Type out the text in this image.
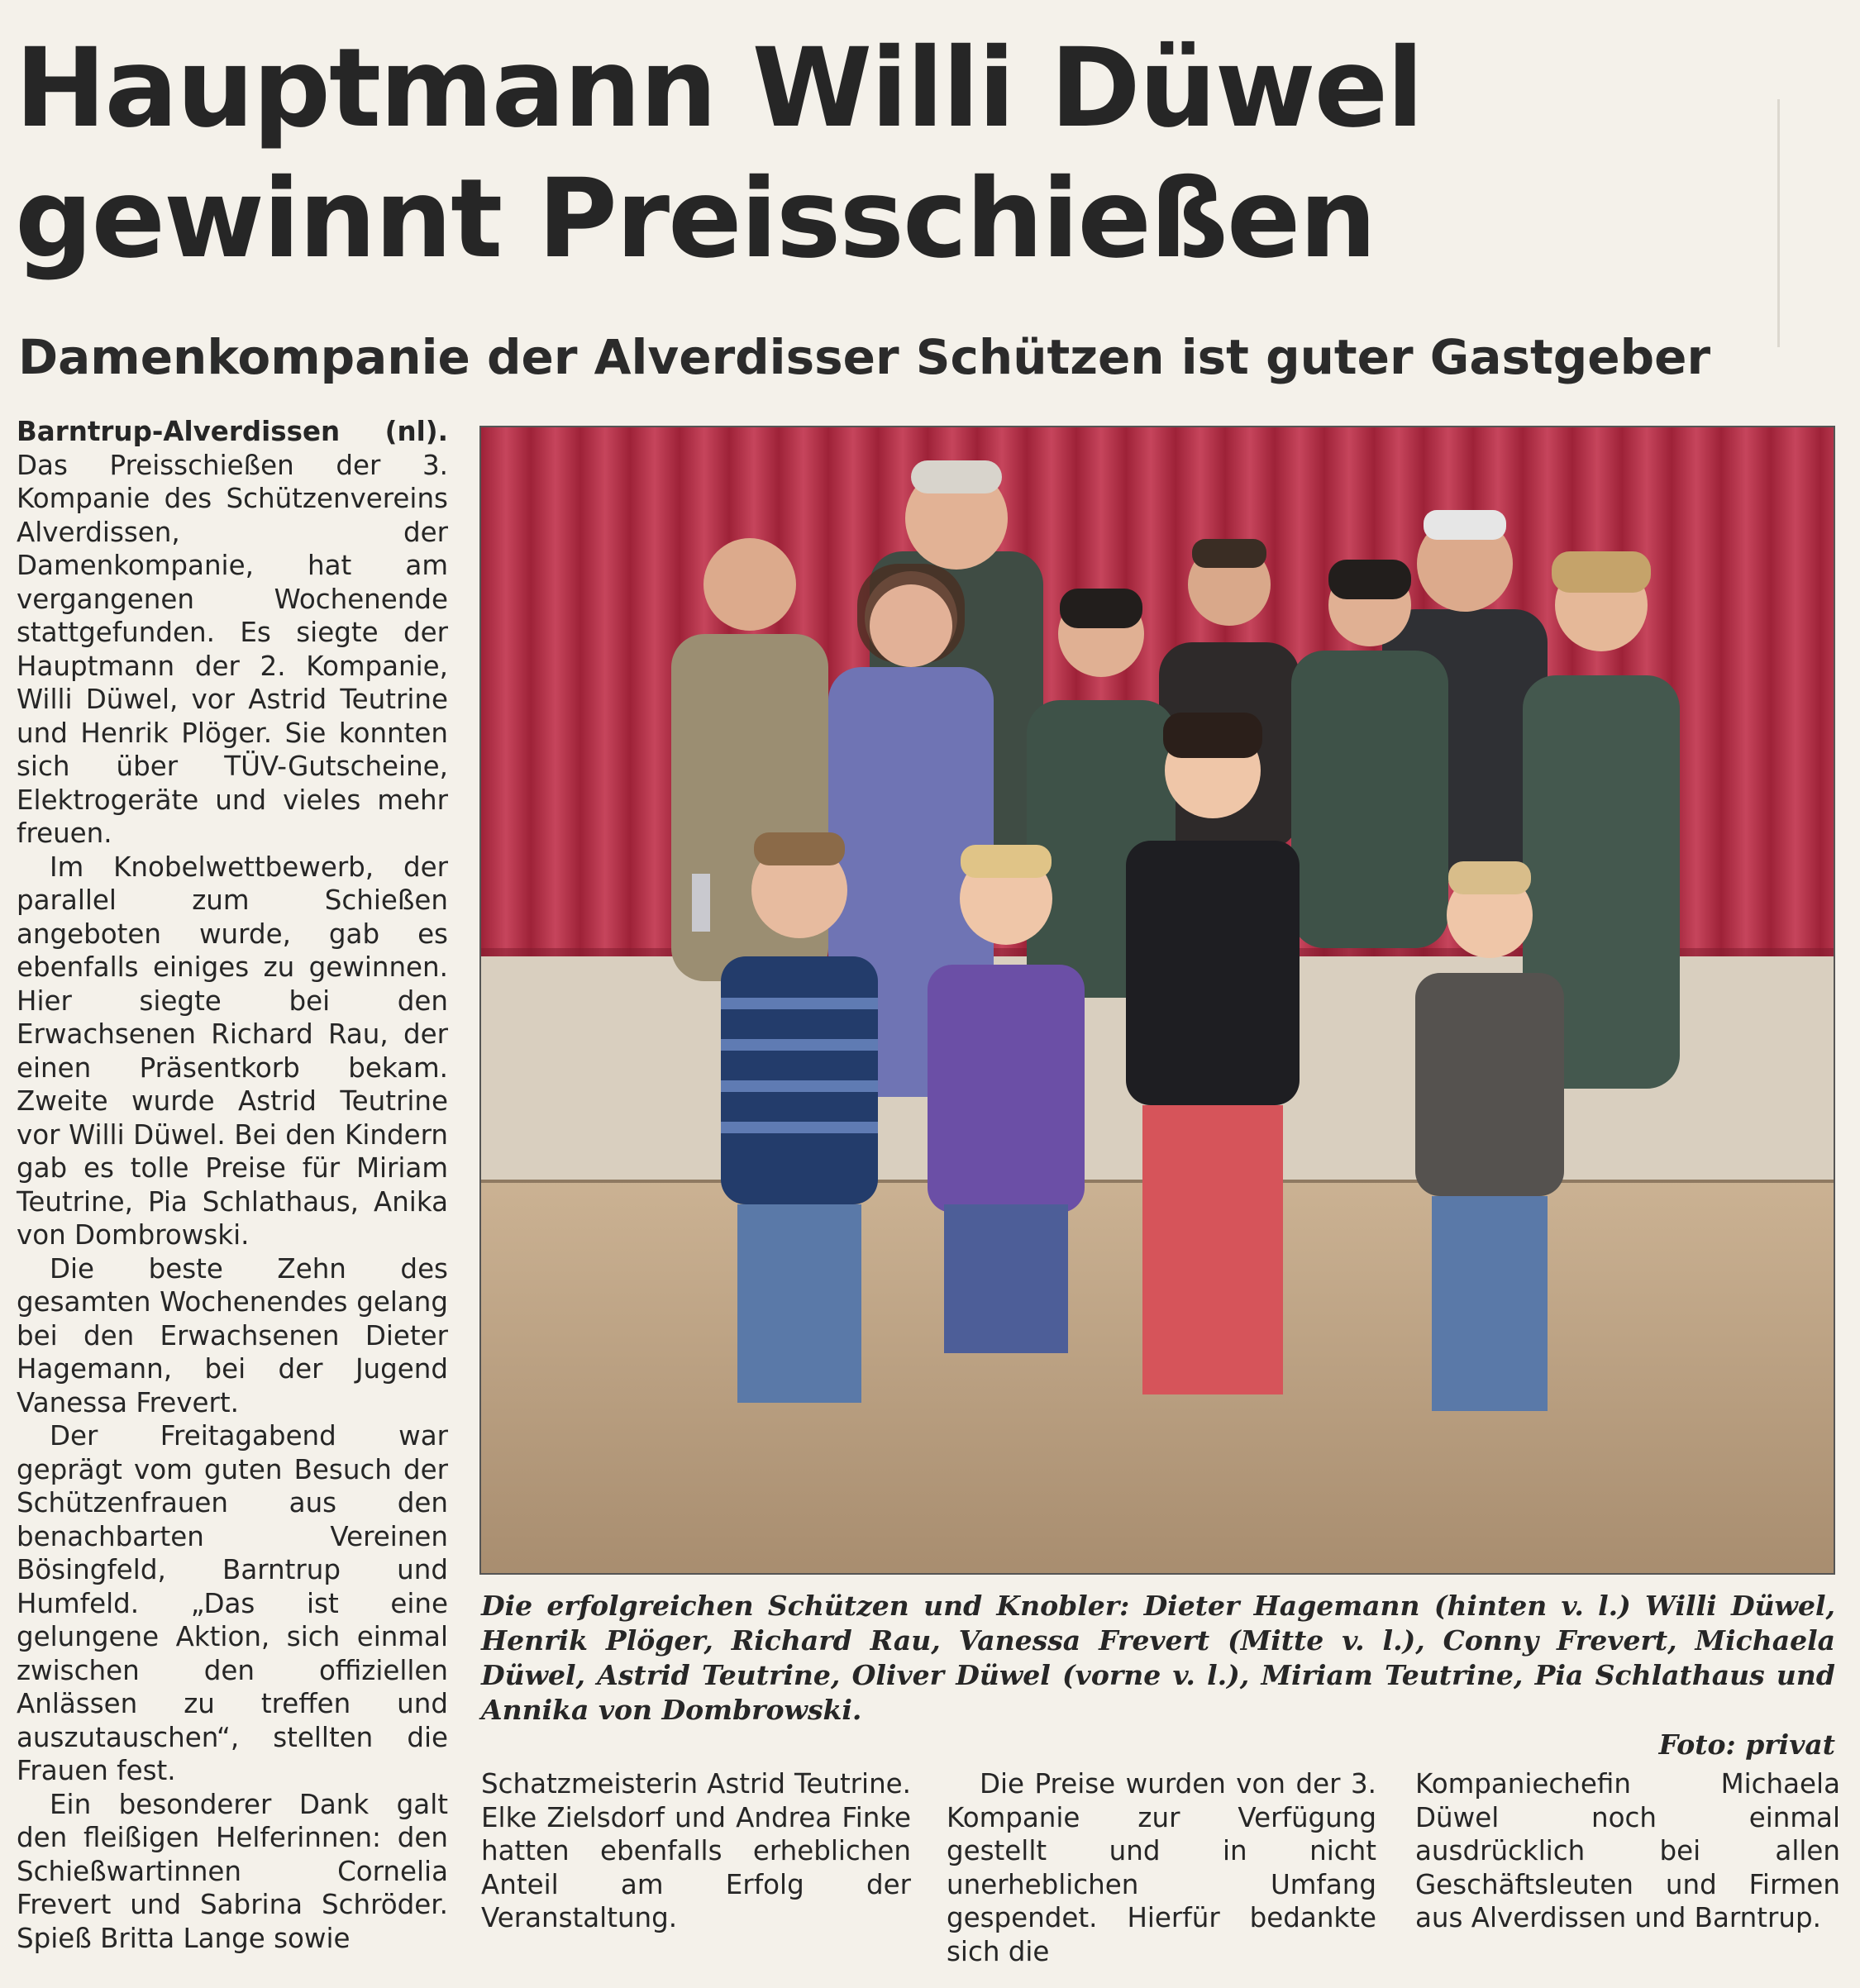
Hauptmann Willi Düwel
gewinnt Preisschießen
Damenkompanie der Alverdisser Schützen ist guter Gastgeber

Barntrup-Alverdissen (nl). Das Preisschießen der 3. Kompanie des Schützenvereins Alverdissen, der Damenkompanie, hat am vergangenen Wochenende stattgefunden. Es siegte der Hauptmann der 2. Kompanie, Willi Düwel, vor Astrid Teutrine und Henrik Plöger. Sie konnten sich über TÜV-Gutscheine, Elektrogeräte und vieles mehr freuen.

Im Knobelwettbewerb, der parallel zum Schießen angeboten wurde, gab es ebenfalls einiges zu gewinnen. Hier siegte bei den Erwachsenen Richard Rau, der einen Präsentkorb bekam. Zweite wurde Astrid Teutrine vor Willi Düwel. Bei den Kindern gab es tolle Preise für Miriam Teutrine, Pia Schlathaus, Anika von Dombrowski.

Die beste Zehn des gesamten Wochenendes gelang bei den Erwachsenen Dieter Hagemann, bei der Jugend Vanessa Frevert.

Der Freitagabend war geprägt vom guten Besuch der Schützenfrauen aus den benachbarten Vereinen Bösingfeld, Barntrup und Humfeld. „Das ist eine gelungene Aktion, sich einmal zwischen den offiziellen Anlässen zu treffen und auszutauschen“, stellten die Frauen fest.

Ein besonderer Dank galt den fleißigen Helferinnen: den Schießwartinnen Cornelia Frevert und Sabrina Schröder. Spieß Britta Lange sowie

Die erfolgreichen Schützen und Knobler: Dieter Hagemann (hinten v. l.) Willi Düwel, Henrik Plöger, Richard Rau, Vanessa Frevert (Mitte v. l.), Conny Frevert, Michaela Düwel, Astrid Teutrine, Oliver Düwel (vorne v. l.), Miriam Teutrine, Pia Schlathaus und Annika von Dombrowski.
Foto: privat

Schatzmeisterin Astrid Teutrine. Elke Zielsdorf und Andrea Finke hatten ebenfalls erheblichen Anteil am Erfolg der Veranstaltung.

Die Preise wurden von der 3. Kompanie zur Verfügung gestellt und in nicht unerheblichen Umfang gespendet. Hierfür bedankte sich die

Kompaniechefin Michaela Düwel noch einmal ausdrücklich bei allen Geschäftsleuten und Firmen aus Alverdissen und Barntrup.
